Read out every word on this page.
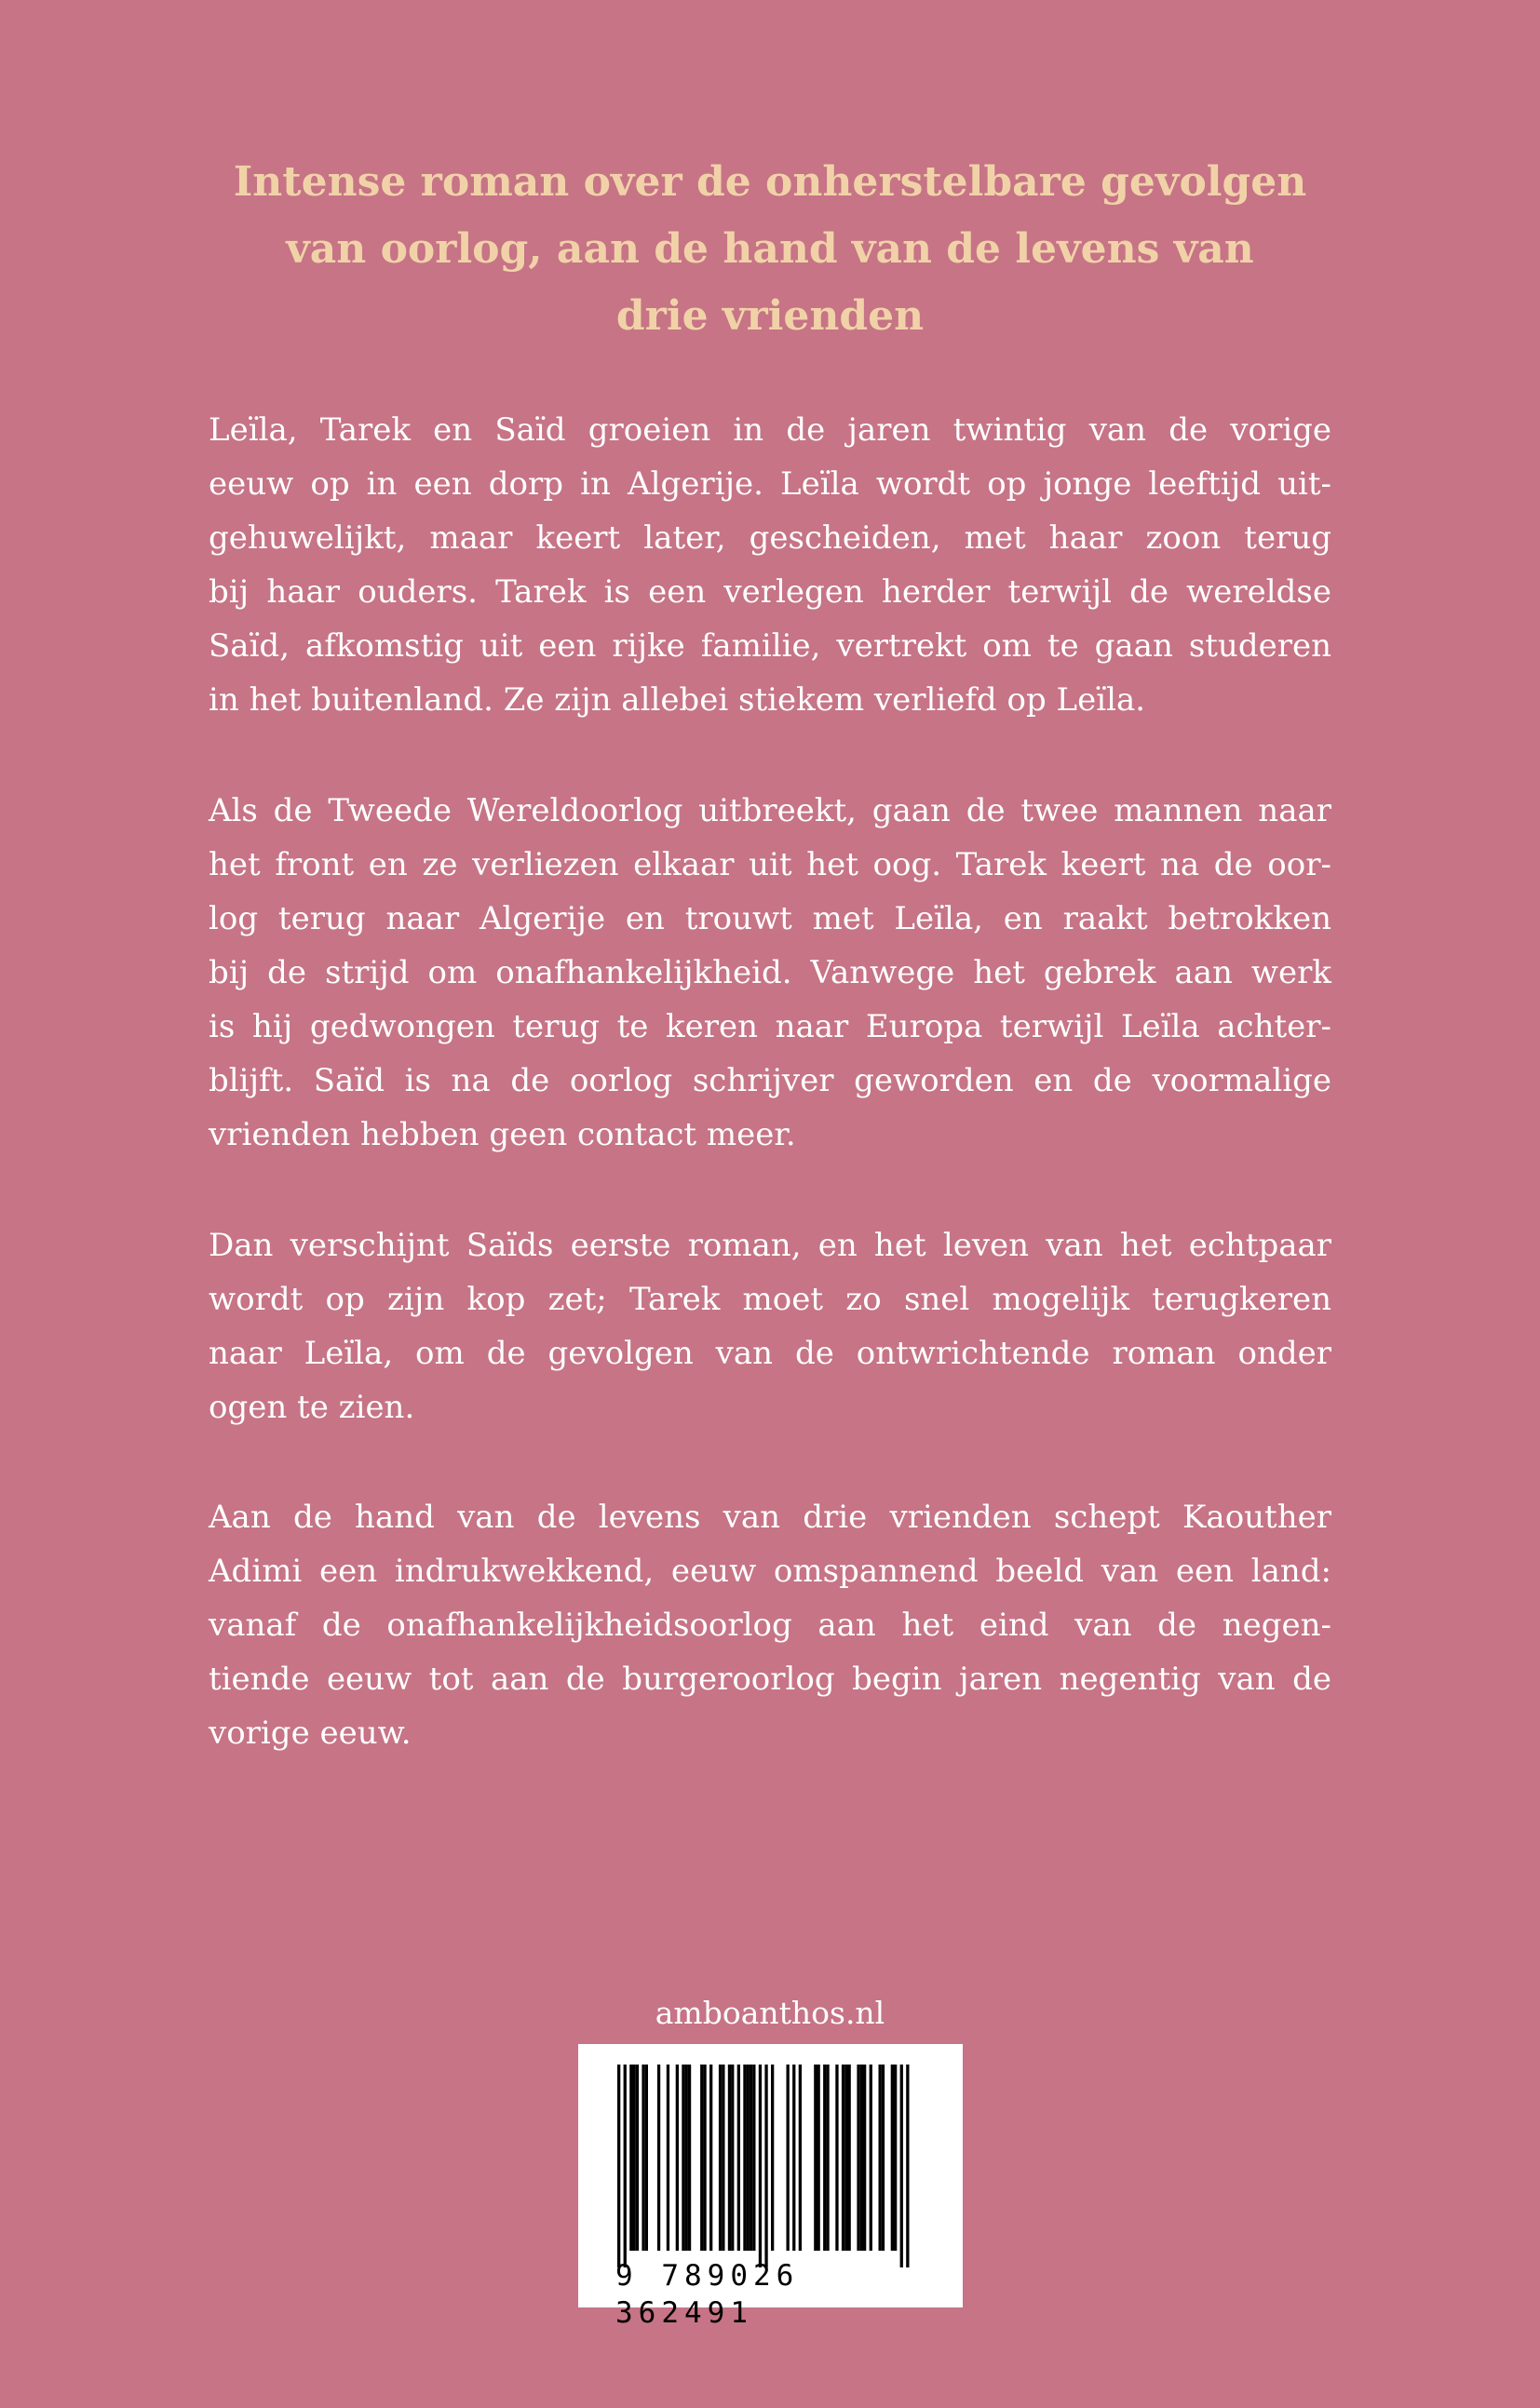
Intense roman over de onherstelbare gevolgen
van oorlog, aan de hand van de levens van
drie vrienden

Leïla, Tarek en Saïd groeien in de jaren twintig van de vorige
eeuw op in een dorp in Algerije. Leïla wordt op jonge leeftijd uit-
gehuwelijkt, maar keert later, gescheiden, met haar zoon terug
bij haar ouders. Tarek is een verlegen herder terwijl de wereldse
Saïd, afkomstig uit een rijke familie, vertrekt om te gaan studeren
in het buitenland. Ze zijn allebei stiekem verliefd op Leïla.

Als de Tweede Wereldoorlog uitbreekt, gaan de twee mannen naar
het front en ze verliezen elkaar uit het oog. Tarek keert na de oor-
log terug naar Algerije en trouwt met Leïla, en raakt betrokken
bij de strijd om onafhankelijkheid. Vanwege het gebrek aan werk
is hij gedwongen terug te keren naar Europa terwijl Leïla achter-
blijft. Saïd is na de oorlog schrijver geworden en de voormalige
vrienden hebben geen contact meer.

Dan verschijnt Saïds eerste roman, en het leven van het echtpaar
wordt op zijn kop zet; Tarek moet zo snel mogelijk terugkeren
naar Leïla, om de gevolgen van de ontwrichtende roman onder
ogen te zien.

Aan de hand van de levens van drie vrienden schept Kaouther
Adimi een indrukwekkend, eeuw omspannend beeld van een land:
vanaf de onafhankelijkheidsoorlog aan het eind van de negen-
tiende eeuw tot aan de burgeroorlog begin jaren negentig van de
vorige eeuw.

amboanthos.nl
9 789026 362491
